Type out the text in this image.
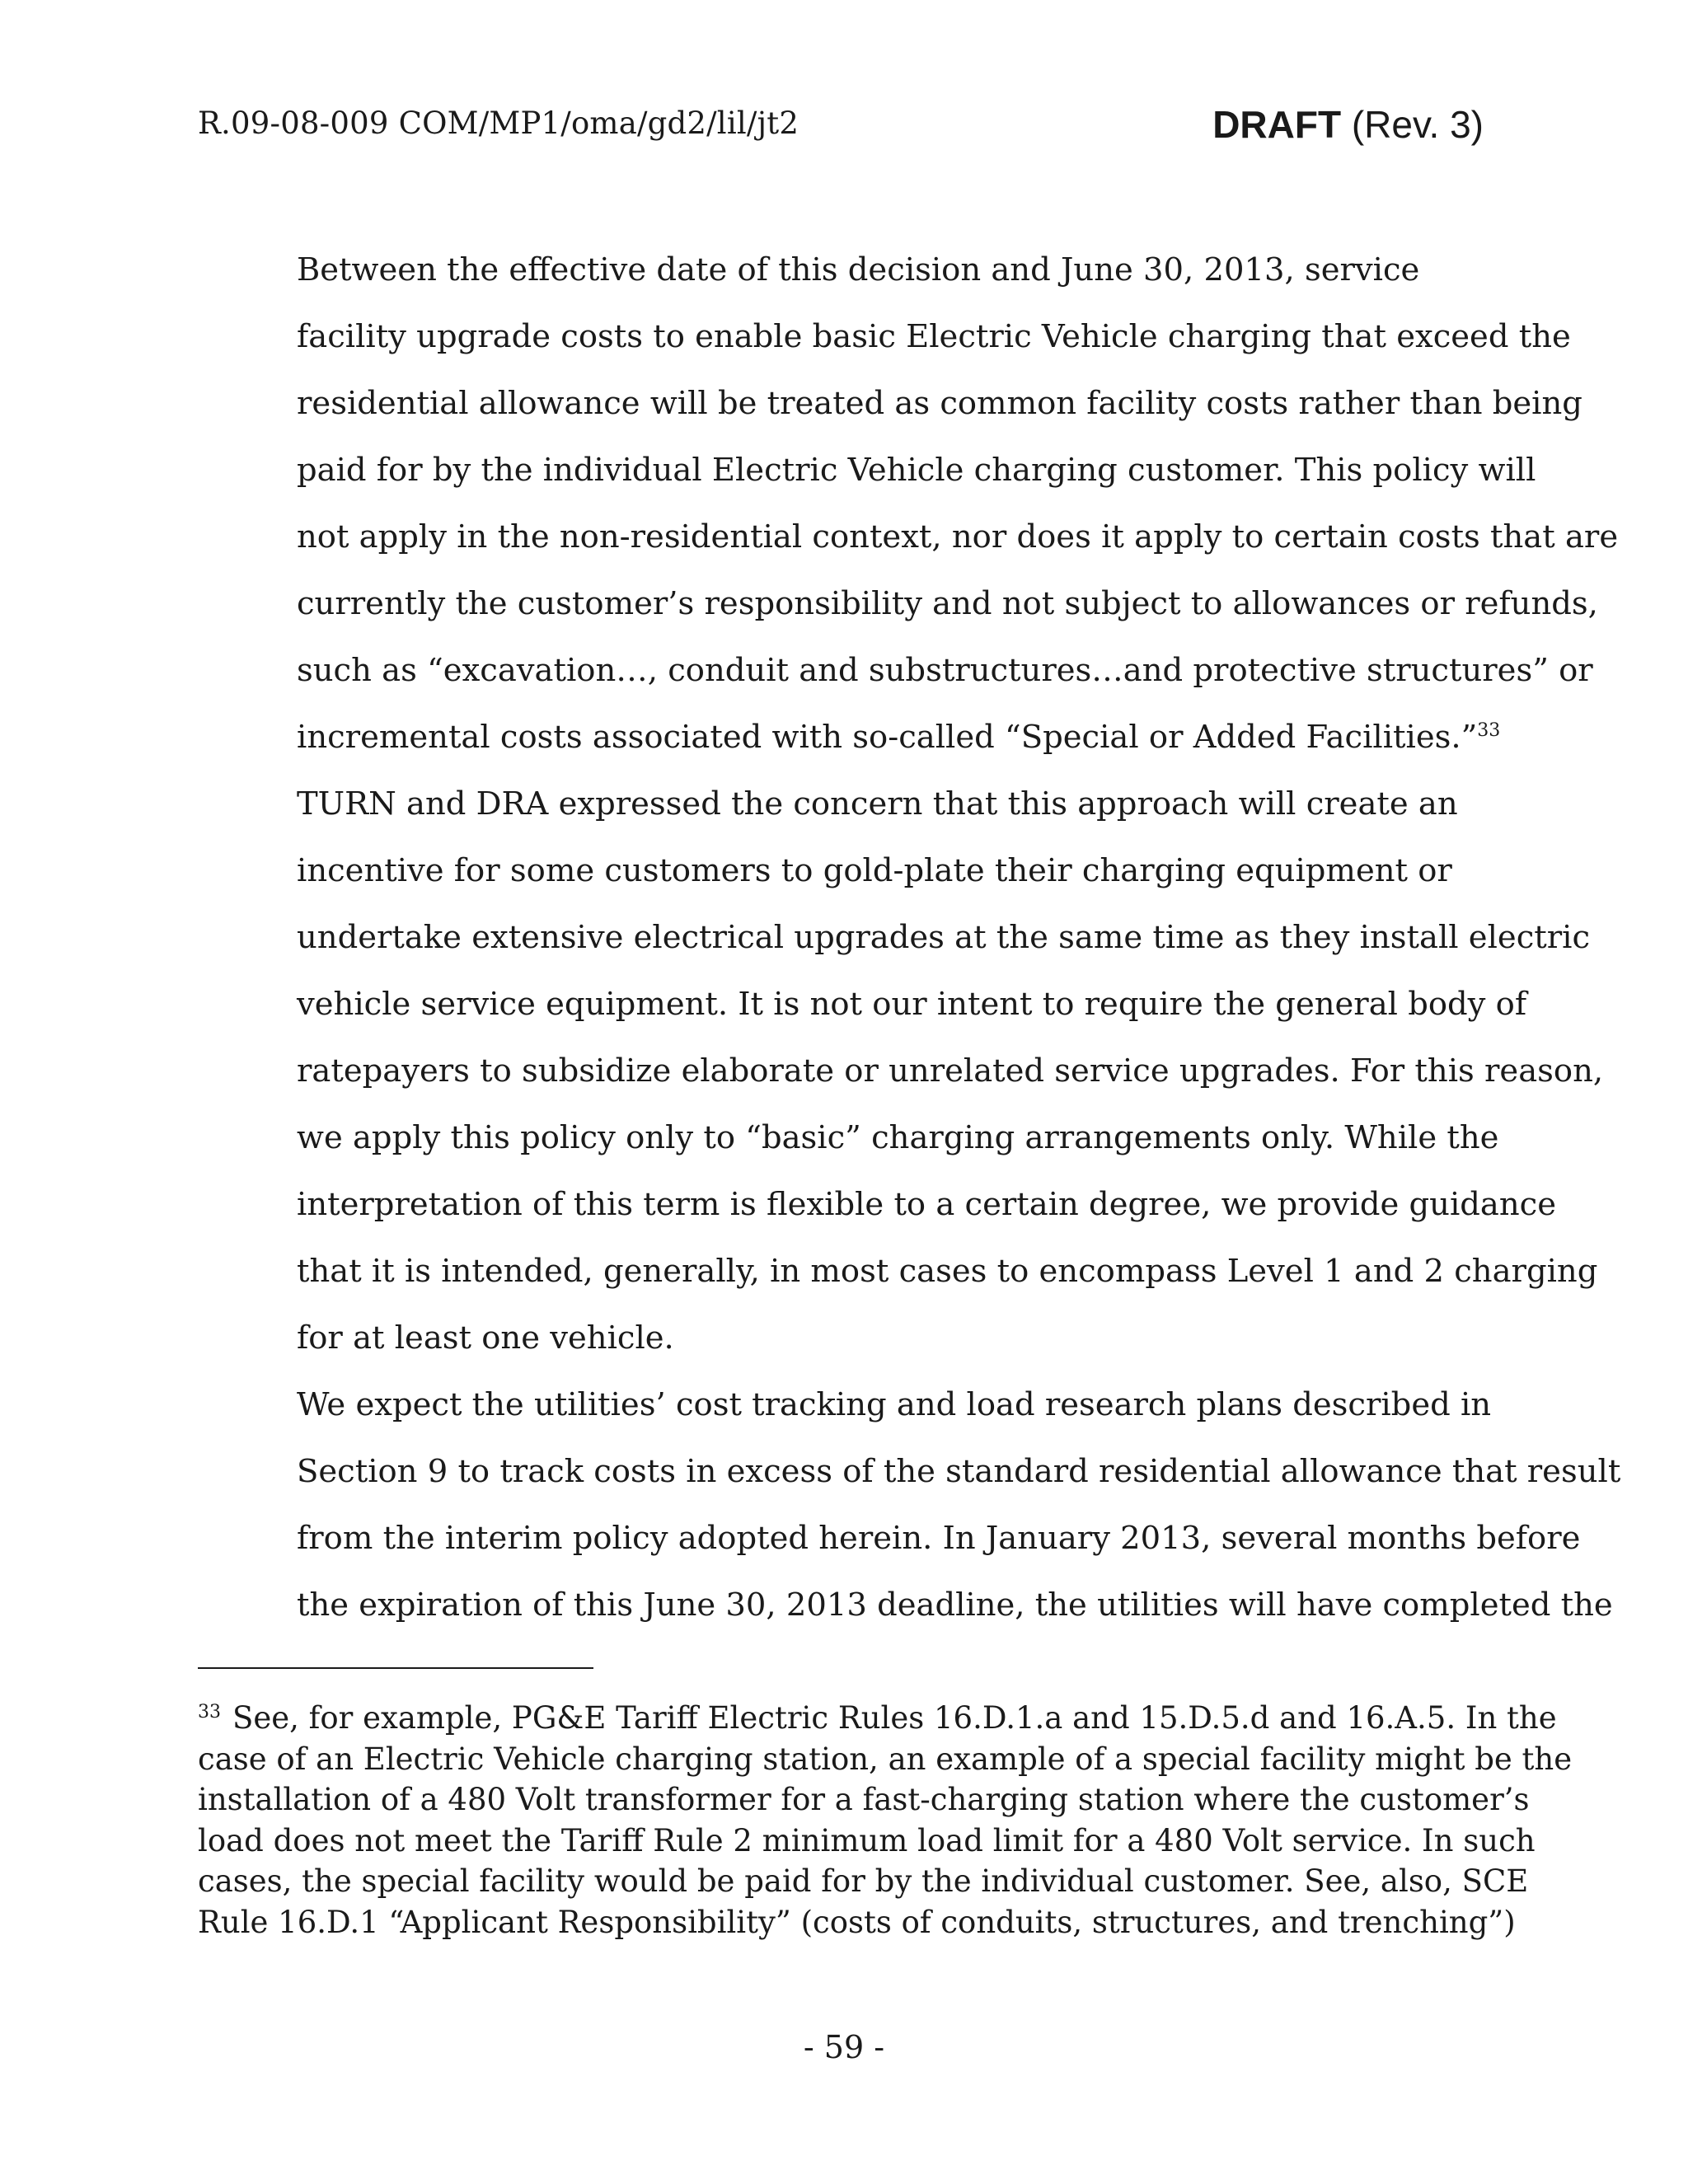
R.09-08-009 COM/MP1/oma/gd2/lil/jt2	DRAFT (Rev. 3)

Between the effective date of this decision and June 30, 2013, service
facility upgrade costs to enable basic Electric Vehicle charging that exceed the
residential allowance will be treated as common facility costs rather than being
paid for by the individual Electric Vehicle charging customer. This policy will
not apply in the non-residential context, nor does it apply to certain costs that are
currently the customer’s responsibility and not subject to allowances or refunds,
such as “excavation…, conduit and substructures…and protective structures” or
incremental costs associated with so-called “Special or Added Facilities.”$^{33}$

TURN and DRA expressed the concern that this approach will create an
incentive for some customers to gold-plate their charging equipment or
undertake extensive electrical upgrades at the same time as they install electric
vehicle service equipment. It is not our intent to require the general body of
ratepayers to subsidize elaborate or unrelated service upgrades. For this reason,
we apply this policy only to “basic” charging arrangements only. While the
interpretation of this term is flexible to a certain degree, we provide guidance
that it is intended, generally, in most cases to encompass Level 1 and 2 charging
for at least one vehicle.

We expect the utilities’ cost tracking and load research plans described in
Section 9 to track costs in excess of the standard residential allowance that result
from the interim policy adopted herein. In January 2013, several months before
the expiration of this June 30, 2013 deadline, the utilities will have completed the

$^{33}$ See, for example, PG&E Tariff Electric Rules 16.D.1.a and 15.D.5.d and 16.A.5. In the
case of an Electric Vehicle charging station, an example of a special facility might be the
installation of a 480 Volt transformer for a fast-charging station where the customer’s
load does not meet the Tariff Rule 2 minimum load limit for a 480 Volt service. In such
cases, the special facility would be paid for by the individual customer. See, also, SCE
Rule 16.D.1 “Applicant Responsibility” (costs of conduits, structures, and trenching”)
- 59 -
